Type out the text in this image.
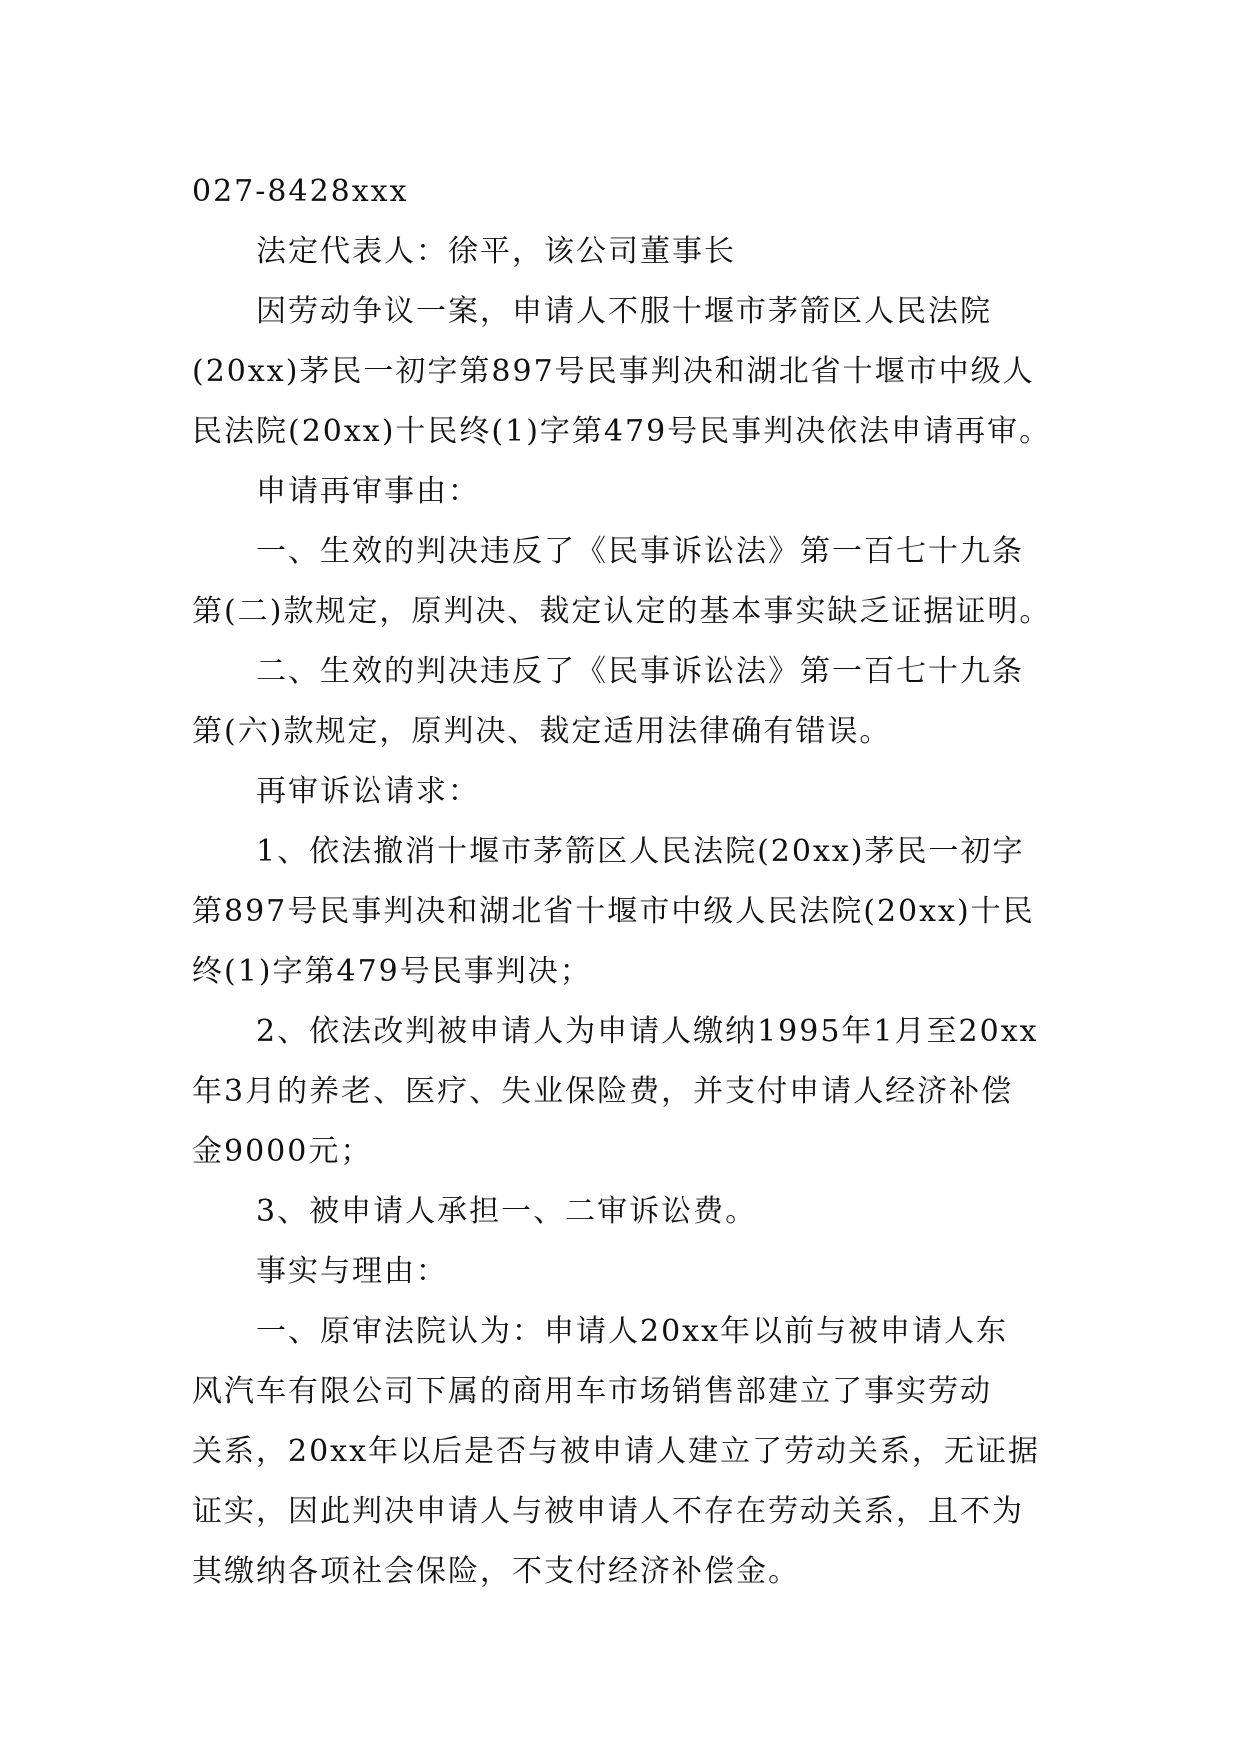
027-8428xxx
法定代表人：徐平，该公司董事长
因劳动争议一案，申请人不服十堰市茅箭区人民法院
(20xx)茅民一初字第897号民事判决和湖北省十堰市中级人
民法院(20xx)十民终(1)字第479号民事判决依法申请再审。
申请再审事由：
一、生效的判决违反了《民事诉讼法》第一百七十九条
第(二)款规定，原判决、裁定认定的基本事实缺乏证据证明。
二、生效的判决违反了《民事诉讼法》第一百七十九条
第(六)款规定，原判决、裁定适用法律确有错误。
再审诉讼请求：
1、依法撤消十堰市茅箭区人民法院(20xx)茅民一初字
第897号民事判决和湖北省十堰市中级人民法院(20xx)十民
终(1)字第479号民事判决；
2、依法改判被申请人为申请人缴纳1995年1月至20xx
年3月的养老、医疗、失业保险费，并支付申请人经济补偿
金9000元；
3、被申请人承担一、二审诉讼费。
事实与理由：
一、原审法院认为：申请人20xx年以前与被申请人东
风汽车有限公司下属的商用车市场销售部建立了事实劳动
关系，20xx年以后是否与被申请人建立了劳动关系，无证据
证实，因此判决申请人与被申请人不存在劳动关系，且不为
其缴纳各项社会保险，不支付经济补偿金。
